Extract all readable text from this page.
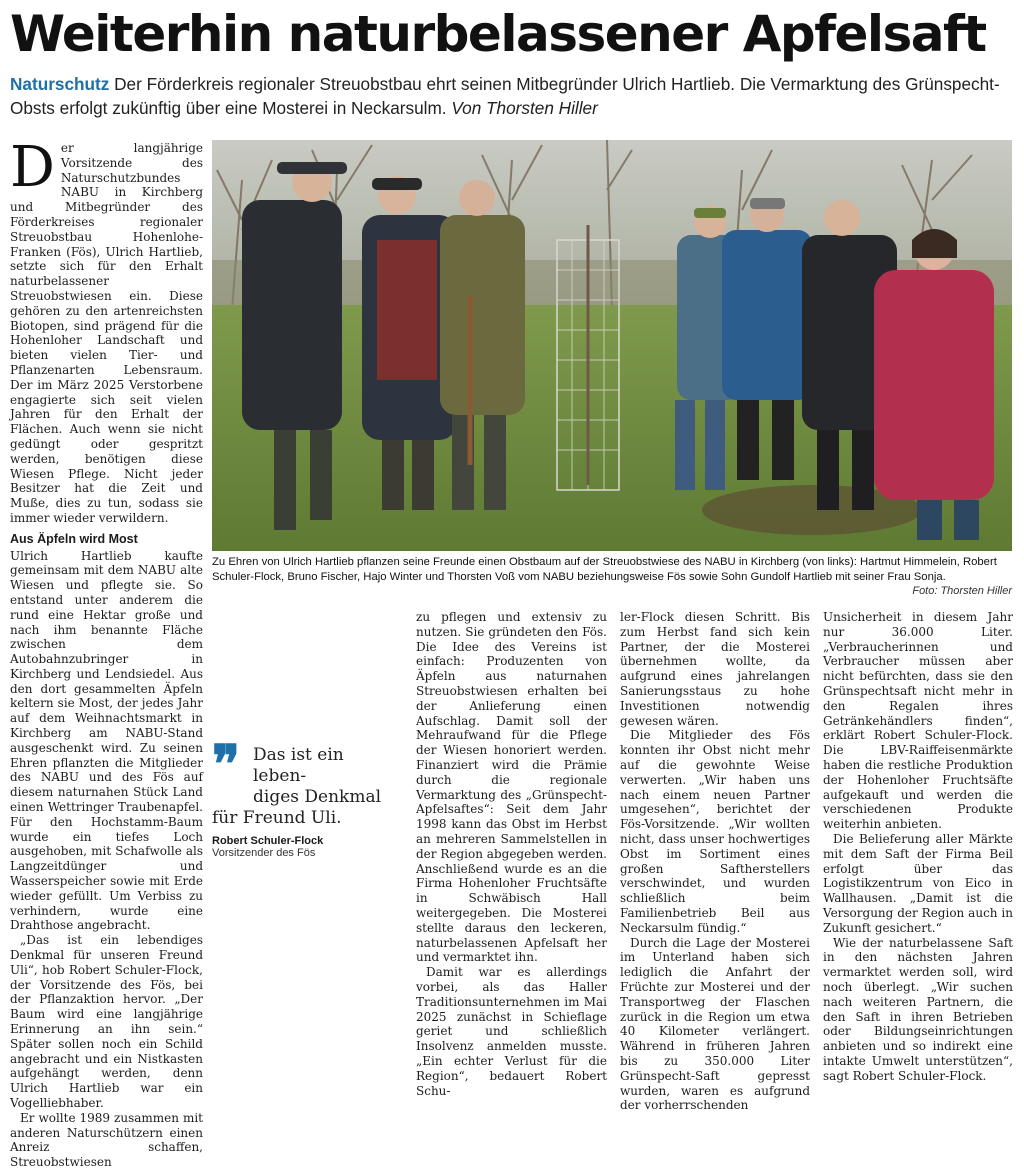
Weiterhin naturbelassener Apfelsaft
Naturschutz Der Förderkreis regionaler Streuobstbau ehrt seinen Mitbegründer Ulrich Hartlieb. Die Vermarktung des Grünspecht-Obsts erfolgt zukünftig über eine Mosterei in Neckarsulm. Von Thorsten Hiller

Der langjährige Vorsitzende des Naturschutzbundes NABU in Kirchberg und Mitbegründer des Förderkreises regionaler Streuobstbau Hohenlohe-Franken (Fös), Ulrich Hartlieb, setzte sich für den Erhalt naturbelassener Streuobstwiesen ein. Diese gehören zu den artenreichsten Biotopen, sind prägend für die Hohenloher Landschaft und bieten vielen Tier- und Pflanzenarten Lebensraum. Der im März 2025 Verstorbene engagierte sich seit vielen Jahren für den Erhalt der Flächen. Auch wenn sie nicht gedüngt oder gespritzt werden, benötigen diese Wiesen Pflege. Nicht jeder Besitzer hat die Zeit und Muße, dies zu tun, sodass sie immer wieder verwildern.

Aus Äpfeln wird Most

Ulrich Hartlieb kaufte gemeinsam mit dem NABU alte Wiesen und pflegte sie. So entstand unter anderem die rund eine Hektar große und nach ihm benannte Fläche zwischen dem Autobahnzubringer in Kirchberg und Lendsiedel. Aus den dort gesammelten Äpfeln keltern sie Most, der jedes Jahr auf dem Weihnachtsmarkt in Kirchberg am NABU-Stand ausgeschenkt wird. Zu seinen Ehren pflanzten die Mitglieder des NABU und des Fös auf diesem naturnahen Stück Land einen Wettringer Traubenapfel. Für den Hochstamm-Baum wurde ein tiefes Loch ausgehoben, mit Schafwolle als Langzeitdünger und Wasserspeicher sowie mit Erde wieder gefüllt. Um Verbiss zu verhindern, wurde eine Drahthose angebracht.

„Das ist ein lebendiges Denkmal für unseren Freund Uli“, hob Robert Schuler-Flock, der Vorsitzende des Fös, bei der Pflanzaktion hervor. „Der Baum wird eine langjährige Erinnerung an ihn sein.“ Später sollen noch ein Schild angebracht und ein Nistkasten aufgehängt werden, denn Ulrich Hartlieb war ein Vogelliebhaber.

Er wollte 1989 zusammen mit anderen Naturschützern einen Anreiz schaffen, Streuobstwiesen

Zu Ehren von Ulrich Hartlieb pflanzen seine Freunde einen Obstbaum auf der Streuobstwiese des NABU in Kirchberg (von links): Hartmut Himmelein, Robert Schuler-Flock, Bruno Fischer, Hajo Winter und Thorsten Voß vom NABU beziehungsweise Fös sowie Sohn Gundolf Hartlieb mit seiner Frau Sonja.
Foto: Thorsten Hiller
❞ Das ist ein leben-
diges Denkmal
für Freund Uli.

Robert Schuler-Flock
Vorsitzender des Fös

zu pflegen und extensiv zu nutzen. Sie gründeten den Fös. Die Idee des Vereins ist einfach: Produzenten von Äpfeln aus naturnahen Streuobstwiesen erhalten bei der Anlieferung einen Aufschlag. Damit soll der Mehraufwand für die Pflege der Wiesen honoriert werden. Finanziert wird die Prämie durch die regionale Vermarktung des „Grünspecht-Apfelsaftes“: Seit dem Jahr 1998 kann das Obst im Herbst an mehreren Sammelstellen in der Region abgegeben werden. Anschließend wurde es an die Firma Hohenloher Fruchtsäfte in Schwäbisch Hall weitergegeben. Die Mosterei stellte daraus den leckeren, naturbelassenen Apfelsaft her und vermarktet ihn.

Damit war es allerdings vorbei, als das Haller Traditionsunternehmen im Mai 2025 zunächst in Schieflage geriet und schließlich Insolvenz anmelden musste. „Ein echter Verlust für die Region“, bedauert Robert Schu-

ler-Flock diesen Schritt. Bis zum Herbst fand sich kein Partner, der die Mosterei übernehmen wollte, da aufgrund eines jahrelangen Sanierungsstaus zu hohe Investitionen notwendig gewesen wären.

Die Mitglieder des Fös konnten ihr Obst nicht mehr auf die gewohnte Weise verwerten. „Wir haben uns nach einem neuen Partner umgesehen“, berichtet der Fös-Vorsitzende. „Wir wollten nicht, dass unser hochwertiges Obst im Sortiment eines großen Saftherstellers verschwindet, und wurden schließlich beim Familienbetrieb Beil aus Neckarsulm fündig.“

Durch die Lage der Mosterei im Unterland haben sich lediglich die Anfahrt der Früchte zur Mosterei und der Transportweg der Flaschen zurück in die Region um etwa 40 Kilometer verlängert. Während in früheren Jahren bis zu 350.000 Liter Grünspecht-Saft gepresst wurden, waren es aufgrund der vorherrschenden

Unsicherheit in diesem Jahr nur 36.000 Liter. „Verbraucherinnen und Verbraucher müssen aber nicht befürchten, dass sie den Grünspechtsaft nicht mehr in den Regalen ihres Getränkehändlers finden“, erklärt Robert Schuler-Flock. Die LBV-Raiffeisenmärkte haben die restliche Produktion der Hohenloher Fruchtsäfte aufgekauft und werden die verschiedenen Produkte weiterhin anbieten.

Die Belieferung aller Märkte mit dem Saft der Firma Beil erfolgt über das Logistikzentrum von Eico in Wallhausen. „Damit ist die Versorgung der Region auch in Zukunft gesichert.“

Wie der naturbelassene Saft in den nächsten Jahren vermarktet werden soll, wird noch überlegt. „Wir suchen nach weiteren Partnern, die den Saft in ihren Betrieben oder Bildungseinrichtungen anbieten und so indirekt eine intakte Umwelt unterstützen“, sagt Robert Schuler-Flock.
